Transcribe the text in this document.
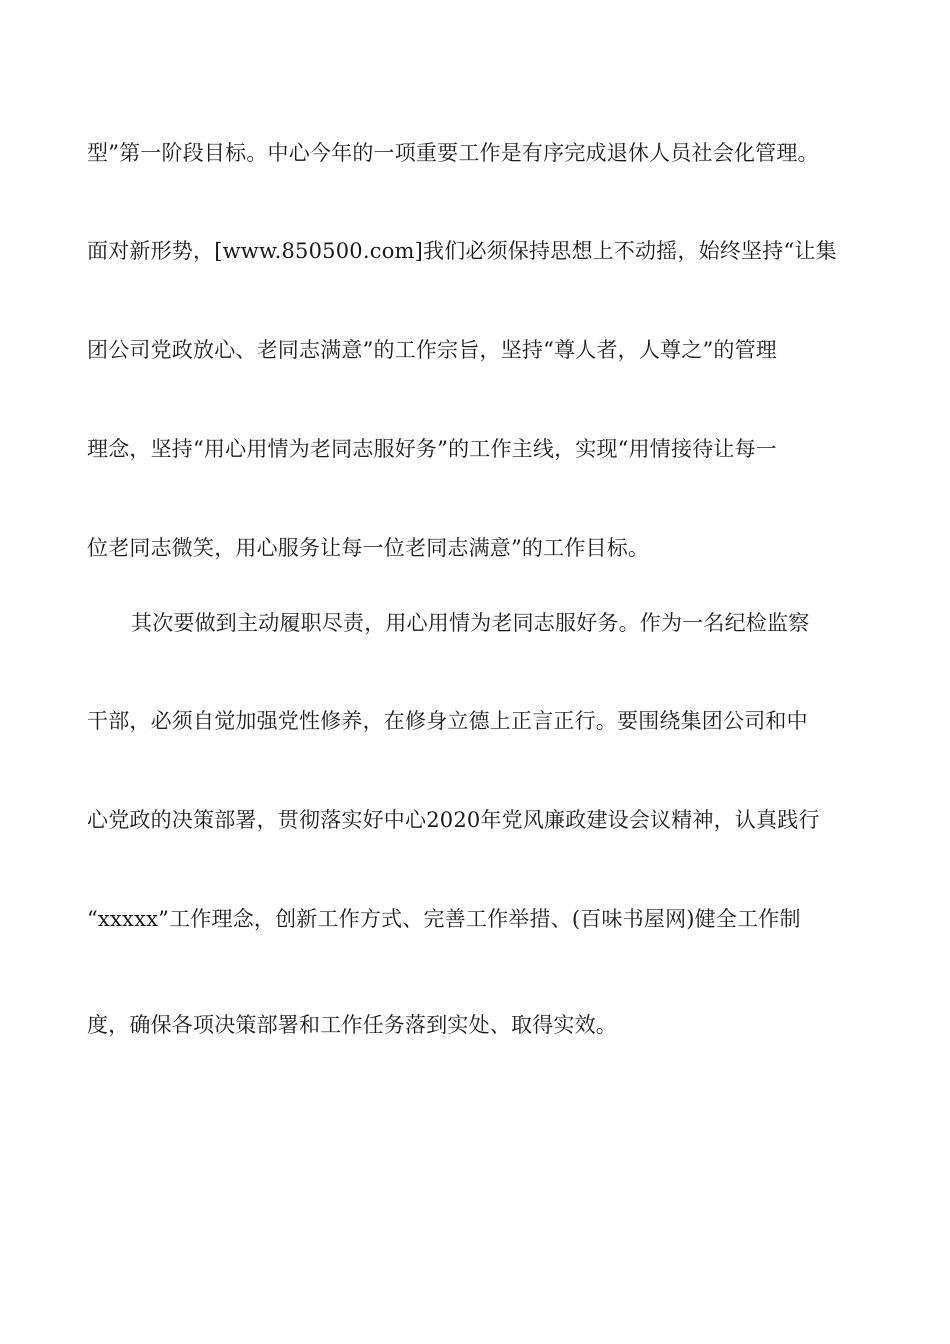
型”第一阶段目标。中心今年的一项重要工作是有序完成退休人员社会化管理。
面对新形势，[www.850500.com]我们必须保持思想上不动摇，始终坚持“让集
团公司党政放心、老同志满意”的工作宗旨，坚持“尊人者，人尊之”的管理
理念，坚持“用心用情为老同志服好务”的工作主线，实现“用情接待让每一
位老同志微笑，用心服务让每一位老同志满意”的工作目标。
其次要做到主动履职尽责，用心用情为老同志服好务。作为一名纪检监察
干部，必须自觉加强党性修养，在修身立德上正言正行。要围绕集团公司和中
心党政的决策部署，贯彻落实好中心2020年党风廉政建设会议精神，认真践行
“xxxxx”工作理念，创新工作方式、完善工作举措、(百味书屋网)健全工作制
度，确保各项决策部署和工作任务落到实处、取得实效。
